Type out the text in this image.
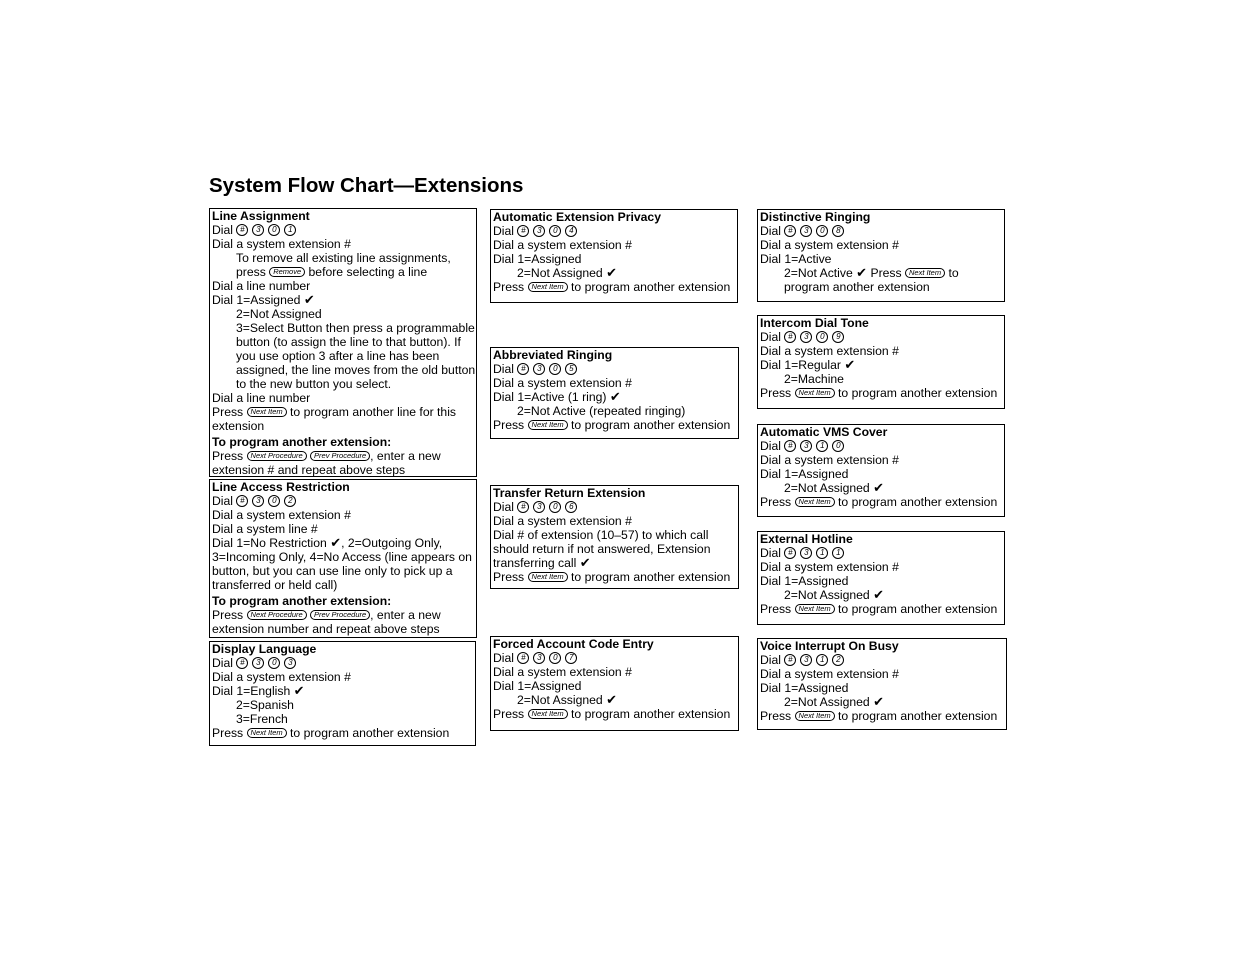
System Flow Chart—Extensions
Line Assignment
Dial # 3 0 1
Dial a system extension #
To remove all existing line assignments,
press Remove before selecting a line
Dial a line number
Dial 1=Assigned ✔
2=Not Assigned
3=Select Button then press a programmable button (to assign the line to that button). If you use option 3 after a line has been assigned, the line moves from the old button to the new button you select.
Dial a line number
Press Next Item to program another line for this extension
To program another extension:
Press Next Procedure Prev Procedure , enter a new extension # and repeat above steps
Line Access Restriction
Dial # 3 0 2
Dial a system extension #
Dial a system line #
Dial 1=No Restriction ✔, 2=Outgoing Only, 3=Incoming Only, 4=No Access (line appears on button, but you can use line only to pick up a transferred or held call)
To program another extension:
Press Next Procedure Prev Procedure , enter a new extension number and repeat above steps
Display Language
Dial # 3 0 3
Dial a system extension #
Dial 1=English ✔
2=Spanish
3=French
Press Next Item to program another extension
Automatic Extension Privacy
Dial # 3 0 4
Dial a system extension #
Dial 1=Assigned
2=Not Assigned ✔
Press Next Item to program another extension
Abbreviated Ringing
Dial # 3 0 5
Dial a system extension #
Dial 1=Active (1 ring) ✔
2=Not Active (repeated ringing)
Press Next Item to program another extension
Transfer Return Extension
Dial # 3 0 6
Dial a system extension #
Dial # of extension (10–57) to which call should return if not answered, Extension transferring call ✔
Press Next Item to program another extension
Forced Account Code Entry
Dial # 3 0 7
Dial a system extension #
Dial 1=Assigned
2=Not Assigned ✔
Press Next Item to program another extension
Distinctive Ringing
Dial # 3 0 8
Dial a system extension #
Dial 1=Active
2=Not Active ✔ Press Next Item to
program another extension
Intercom Dial Tone
Dial # 3 0 9
Dial a system extension #
Dial 1=Regular ✔
2=Machine
Press Next Item to program another extension
Automatic VMS Cover
Dial # 3 1 0
Dial a system extension #
Dial 1=Assigned
2=Not Assigned ✔
Press Next Item to program another extension
External Hotline
Dial # 3 1 1
Dial a system extension #
Dial 1=Assigned
2=Not Assigned ✔
Press Next Item to program another extension
Voice Interrupt On Busy
Dial # 3 1 2
Dial a system extension #
Dial 1=Assigned
2=Not Assigned ✔
Press Next Item to program another extension
